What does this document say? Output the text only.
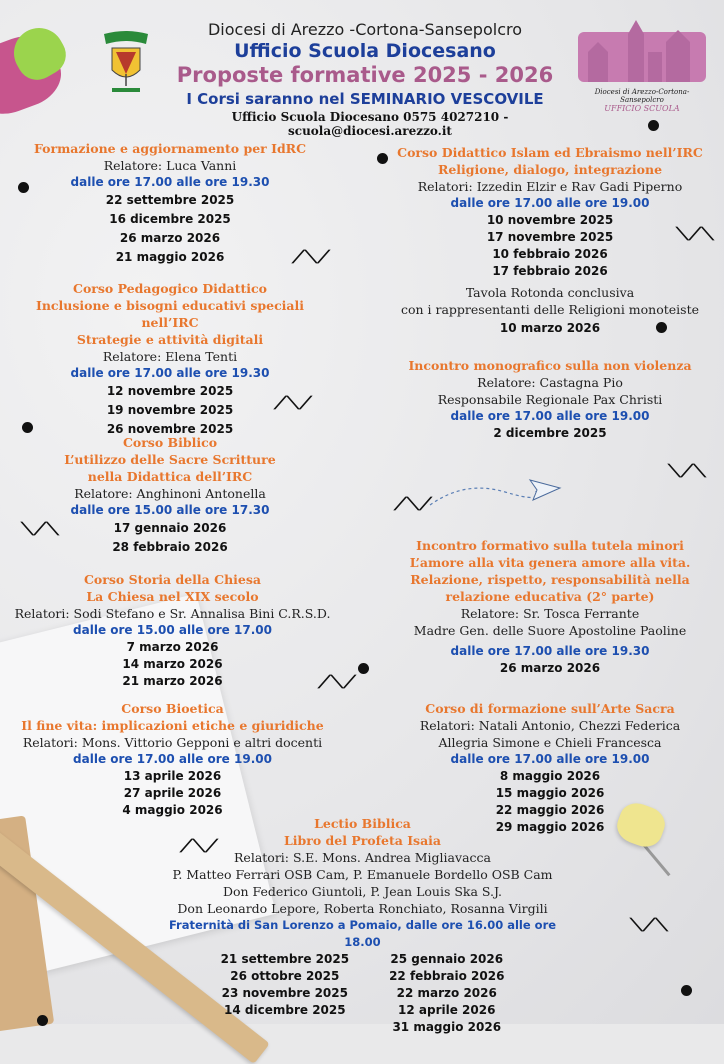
⟋⟍⟋
⟍⟋⟍
⟋⟍⟋
⟍⟋⟍
⟋⟍⟋
⟍⟋⟍
⟋⟍⟋
⟋⟍⟋
⟍⟋⟍
Diocesi di Arezzo-Cortona-Sansepolcro
UFFICIO SCUOLA
Diocesi di Arezzo -Cortona-Sansepolcro
Ufficio Scuola Diocesano
Proposte formative 2025 - 2026
I Corsi saranno nel SEMINARIO VESCOVILE
Ufficio Scuola Diocesano 0575 4027210 - scuola@diocesi.arezzo.it
Formazione e aggiornamento per IdRC
Relatore: Luca Vanni
dalle ore 17.00 alle ore 19.30
22 settembre 2025
16 dicembre 2025
26 marzo 2026
21 maggio 2026
Corso Pedagogico Didattico
Inclusione e bisogni educativi speciali nell’IRC
Strategie e attività digitali
Relatore: Elena Tenti
dalle ore 17.00 alle ore 19.30
12 novembre 2025
19 novembre 2025
26 novembre 2025
Corso Biblico
L’utilizzo delle Sacre Scritture
nella Didattica dell’IRC
Relatore: Anghinoni Antonella
dalle ore 15.00 alle ore 17.30
17 gennaio 2026
28 febbraio 2026
Corso Storia della Chiesa
La Chiesa nel XIX secolo
Relatori: Sodi Stefano e Sr. Annalisa Bini C.R.S.D.
dalle ore 15.00 alle ore 17.00
7 marzo 2026
14 marzo 2026
21 marzo 2026
Corso Bioetica
Il fine vita: implicazioni etiche e giuridiche
Relatori: Mons. Vittorio Gepponi e altri docenti
dalle ore 17.00 alle ore 19.00
13 aprile 2026
27 aprile 2026
4 maggio 2026
Corso Didattico Islam ed Ebraismo nell’IRC
Religione, dialogo, integrazione
Relatori: Izzedin Elzir e Rav Gadi Piperno
dalle ore 17.00 alle ore 19.00
10 novembre 2025
17 novembre 2025
10 febbraio 2026
17 febbraio 2026
Tavola Rotonda conclusiva
con i rappresentanti delle Religioni monoteiste
10 marzo 2026
Incontro monografico sulla non violenza
Relatore: Castagna Pio
Responsabile Regionale Pax Christi
dalle ore 17.00 alle ore 19.00
2 dicembre 2025
Incontro formativo sulla tutela minori
L’amore alla vita genera amore alla vita.
Relazione, rispetto, responsabilità nella
relazione educativa (2° parte)
Relatore: Sr. Tosca Ferrante
Madre Gen. delle Suore Apostoline Paoline
dalle ore 17.00 alle ore 19.30
26 marzo 2026
Corso di formazione sull’Arte Sacra
Relatori: Natali Antonio, Chezzi Federica
Allegria Simone e Chieli Francesca
dalle ore 17.00 alle ore 19.00
8 maggio 2026
15 maggio 2026
22 maggio 2026
29 maggio 2026
Lectio Biblica
Libro del Profeta Isaia
Relatori: S.E. Mons. Andrea Migliavacca
P. Matteo Ferrari OSB Cam, P. Emanuele Bordello OSB Cam
Don Federico Giuntoli, P. Jean Louis Ska S.J.
Don Leonardo Lepore, Roberta Ronchiato, Rosanna Virgili
Fraternità di San Lorenzo a Pomaio, dalle ore 16.00 alle ore 18.00
21 settembre 2025
26 ottobre 2025
23 novembre 2025
14 dicembre 2025
25 gennaio 2026
22 febbraio 2026
22 marzo 2026
12 aprile 2026
31 maggio 2026
